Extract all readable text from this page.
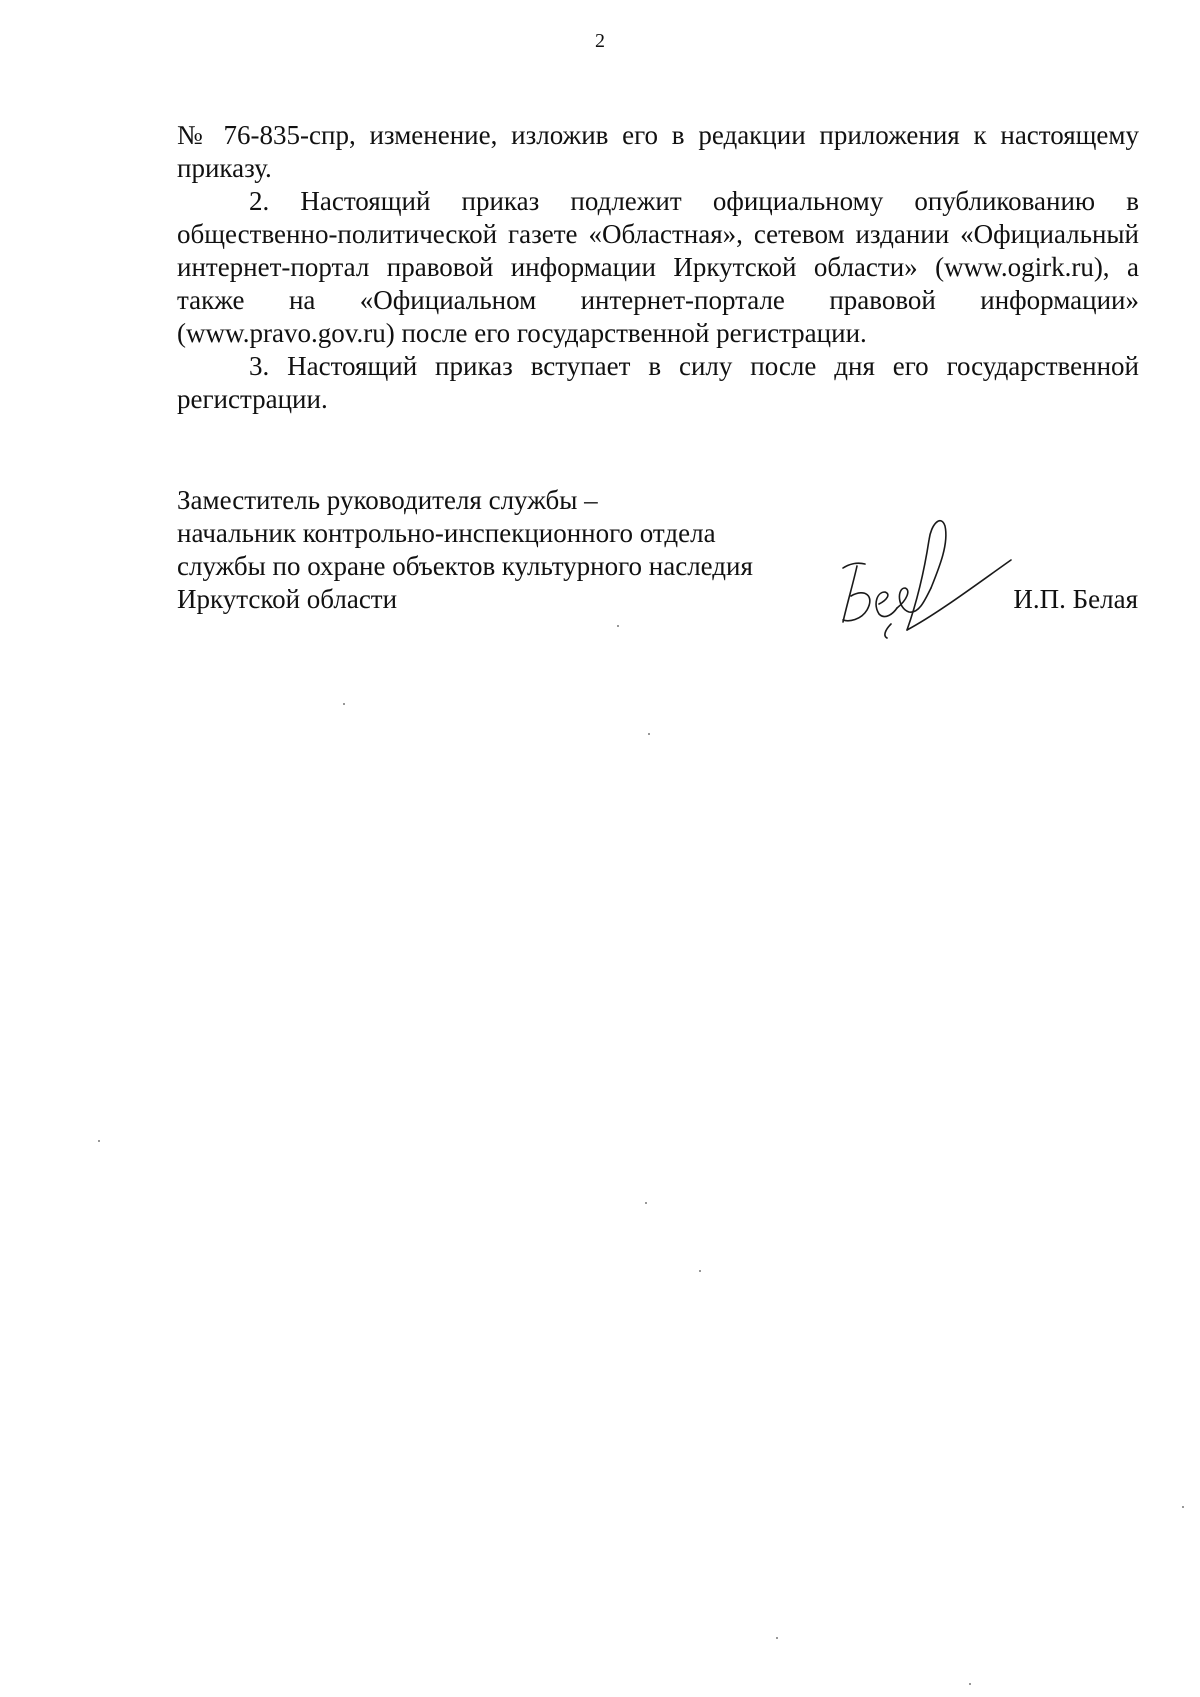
2

№ 76-835-спр, изменение, изложив его в редакции приложения к настоящему приказу.

2. Настоящий приказ подлежит официальному опубликованию в общественно-политической газете «Областная», сетевом издании «Официальный интернет-портал правовой информации Иркутской области» (www.ogirk.ru), а также на «Официальном интернет-портале правовой информации» (www.pravo.gov.ru) после его государственной регистрации.

3. Настоящий приказ вступает в силу после дня его государственной регистрации.

Заместитель руководителя службы –
начальник контрольно-инспекционного отдела
службы по охране объектов культурного наследия
Иркутской области	И.П. Белая
